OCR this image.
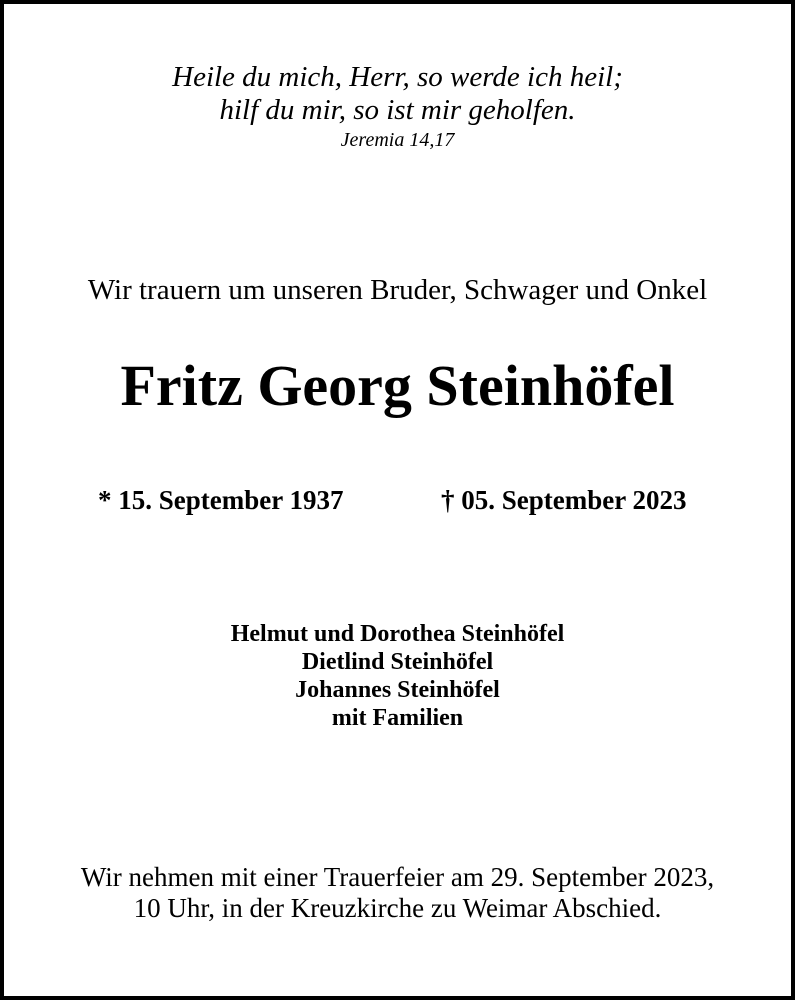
Heile du mich, Herr, so werde ich heil;
hilf du mir, so ist mir geholfen.
Jeremia 14,17
Wir trauern um unseren Bruder, Schwager und Onkel
Fritz Georg Steinhöfel
* 15. September 1937	† 05. September 2023
Helmut und Dorothea Steinhöfel
Dietlind Steinhöfel
Johannes Steinhöfel
mit Familien
Wir nehmen mit einer Trauerfeier am 29. September 2023,
10 Uhr, in der Kreuzkirche zu Weimar Abschied.
